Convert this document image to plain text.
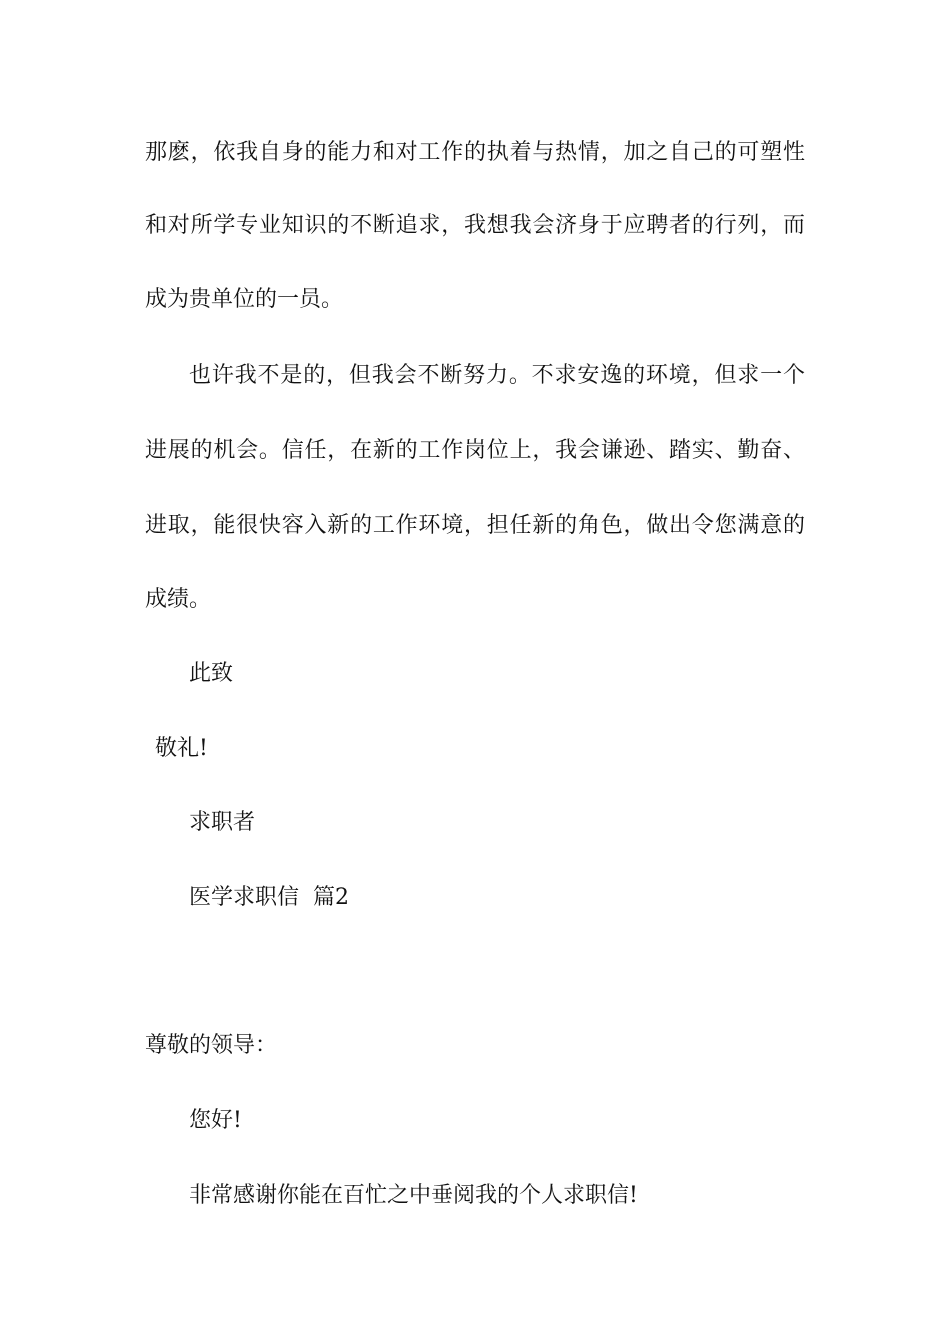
那麽，依我自身的能力和对工作的执着与热情，加之自己的可塑性
和对所学专业知识的不断追求，我想我会济身于应聘者的行列，而
成为贵单位的一员。
也许我不是的，但我会不断努力。不求安逸的环境，但求一个
进展的机会。信任，在新的工作岗位上，我会谦逊、踏实、勤奋、
进取，能很快容入新的工作环境，担任新的角色，做出令您满意的
成绩。
此致
敬礼!
求职者
医学求职信  篇2
尊敬的领导：
您好!
非常感谢你能在百忙之中垂阅我的个人求职信!
